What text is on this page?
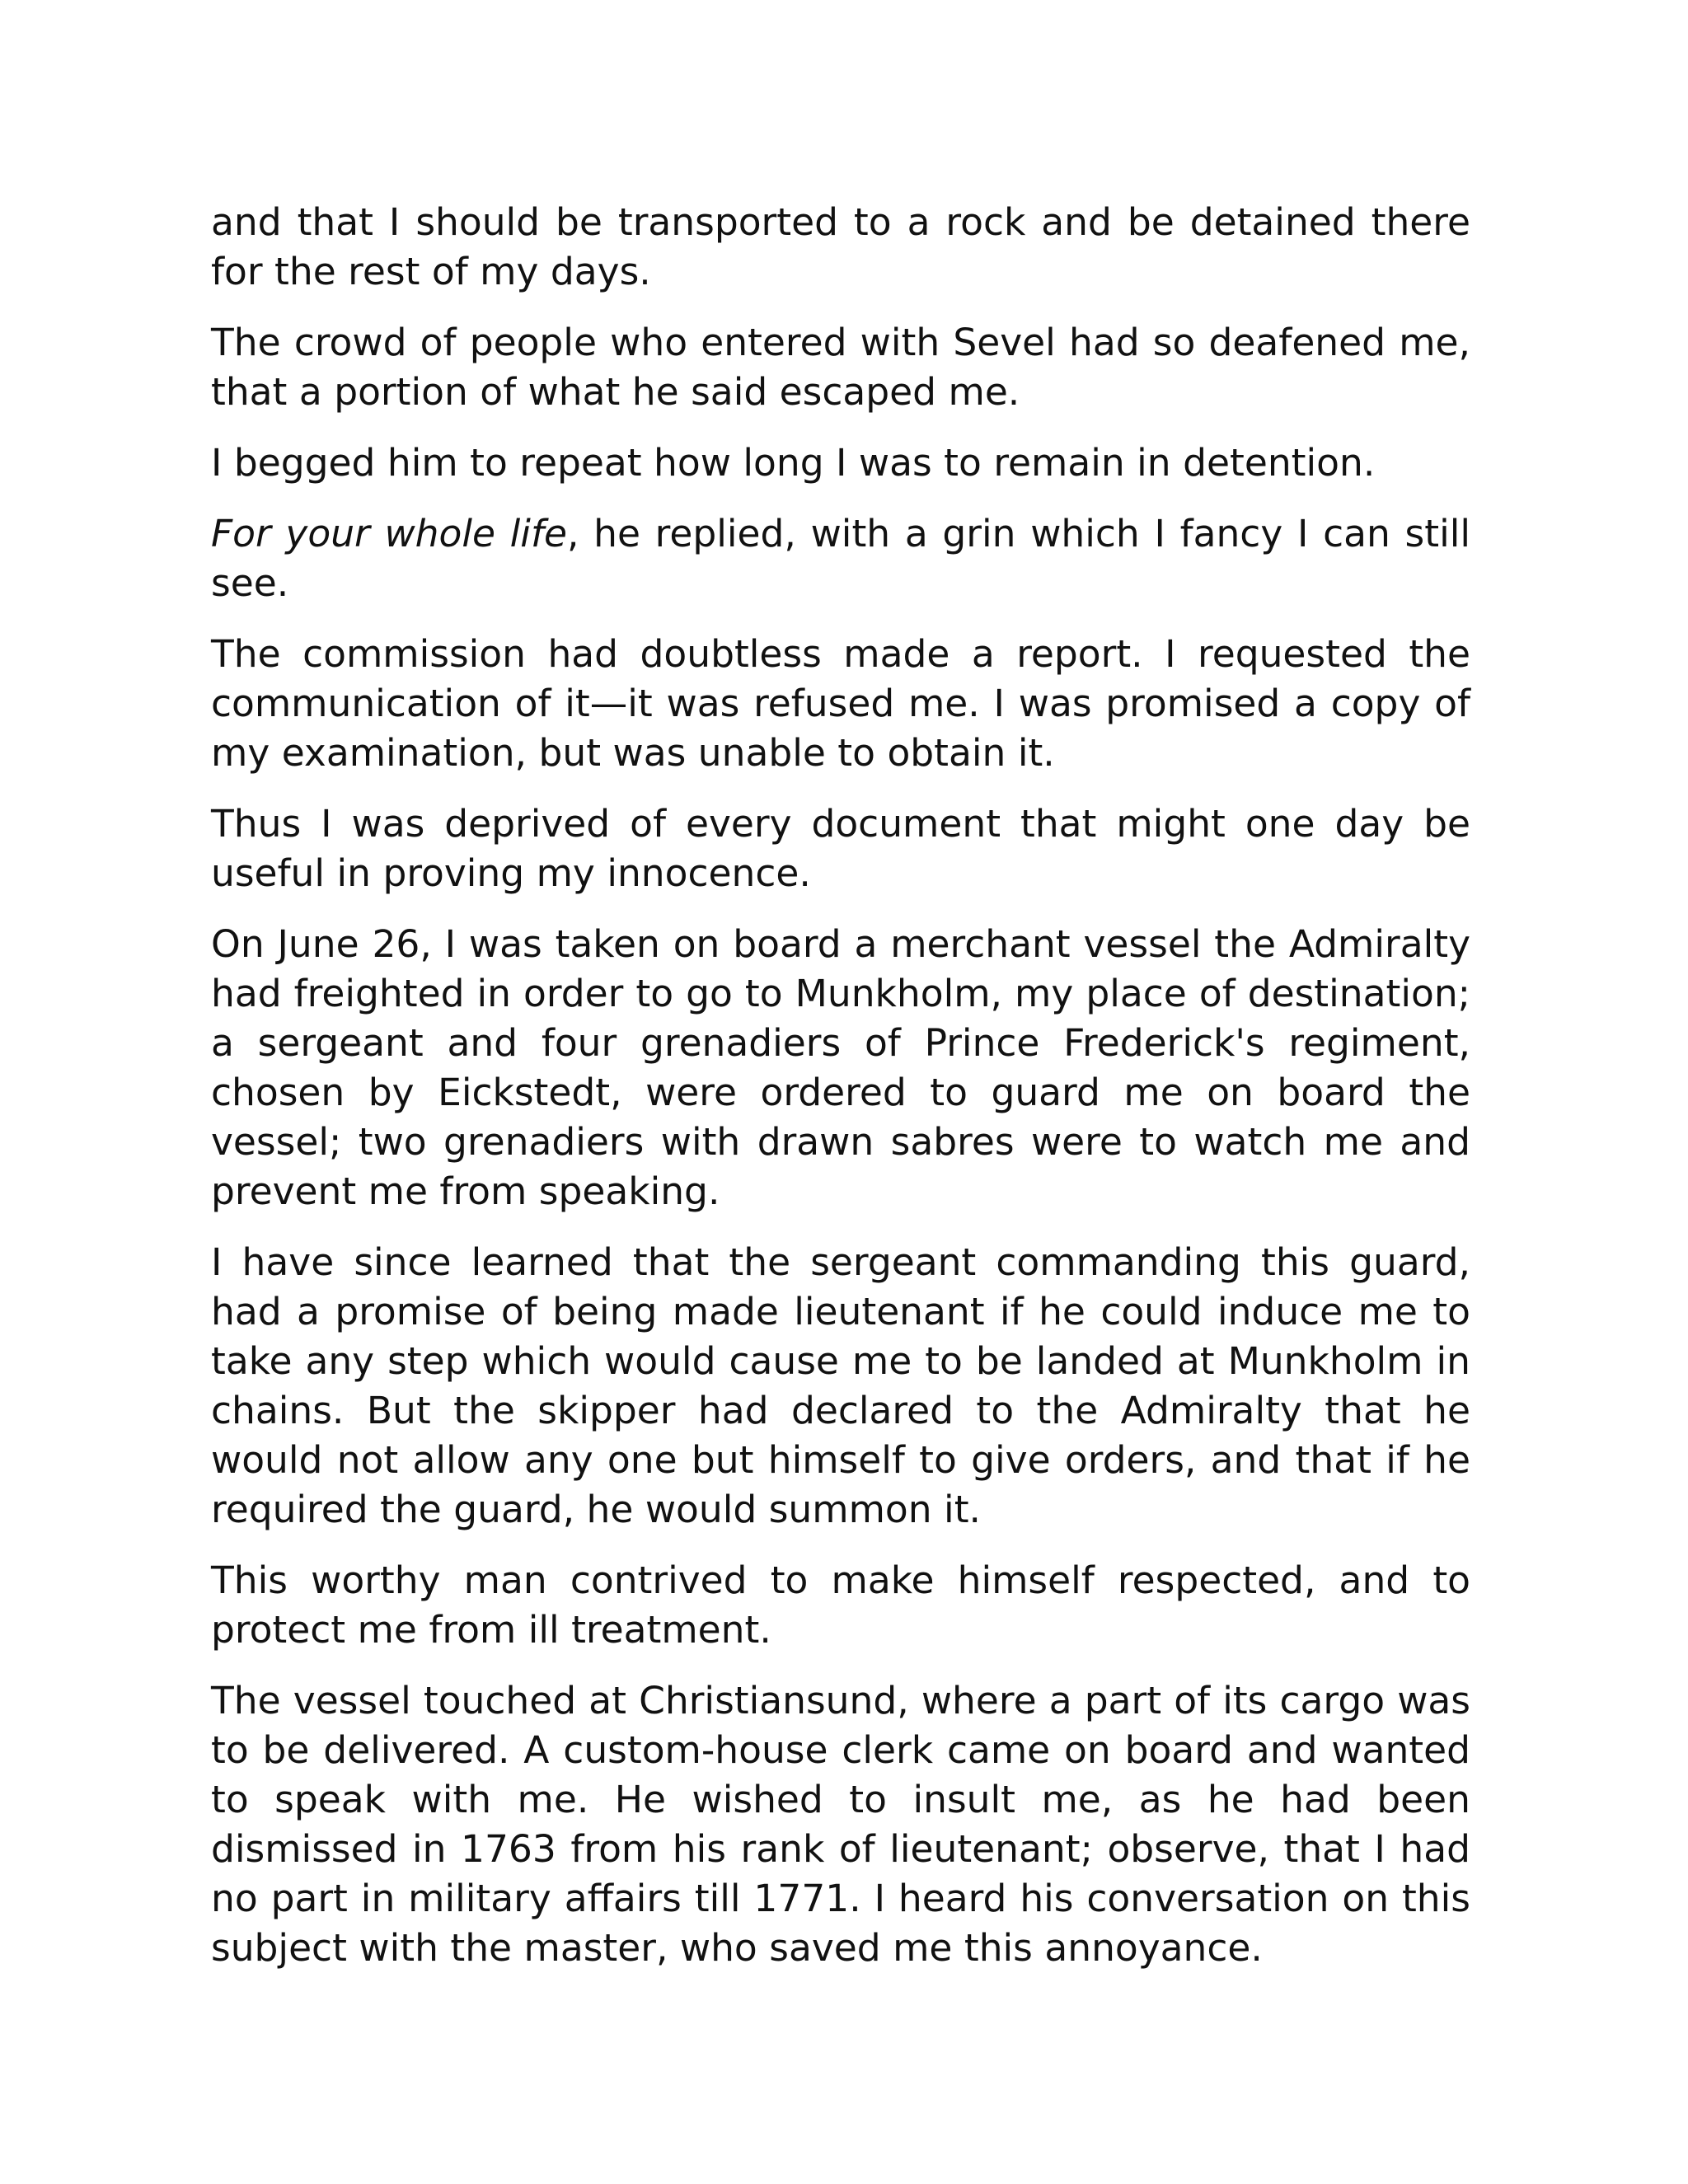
and that I should be transported to a rock and be detained there for the rest of my days.

The crowd of people who entered with Sevel had so deafened me, that a portion of what he said escaped me.

I begged him to repeat how long I was to remain in detention.

For your whole life, he replied, with a grin which I fancy I can still see.

The commission had doubtless made a report. I requested the communication of it—it was refused me. I was promised a copy of my examination, but was unable to obtain it.

Thus I was deprived of every document that might one day be useful in proving my innocence.

On June 26, I was taken on board a merchant vessel the Admiralty had freighted in order to go to Munkholm, my place of destination; a sergeant and four grenadiers of Prince Frederick's regiment, chosen by Eickstedt, were ordered to guard me on board the vessel; two grenadiers with drawn sabres were to watch me and prevent me from speaking.

I have since learned that the sergeant commanding this guard, had a promise of being made lieutenant if he could induce me to take any step which would cause me to be landed at Munkholm in chains. But the skipper had declared to the Admiralty that he would not allow any one but himself to give orders, and that if he required the guard, he would summon it.

This worthy man contrived to make himself respected, and to protect me from ill treatment.

The vessel touched at Christiansund, where a part of its cargo was to be delivered. A custom-house clerk came on board and wanted to speak with me. He wished to insult me, as he had been dismissed in 1763 from his rank of lieutenant; observe, that I had no part in military affairs till 1771. I heard his conversation on this subject with the master, who saved me this annoyance.
